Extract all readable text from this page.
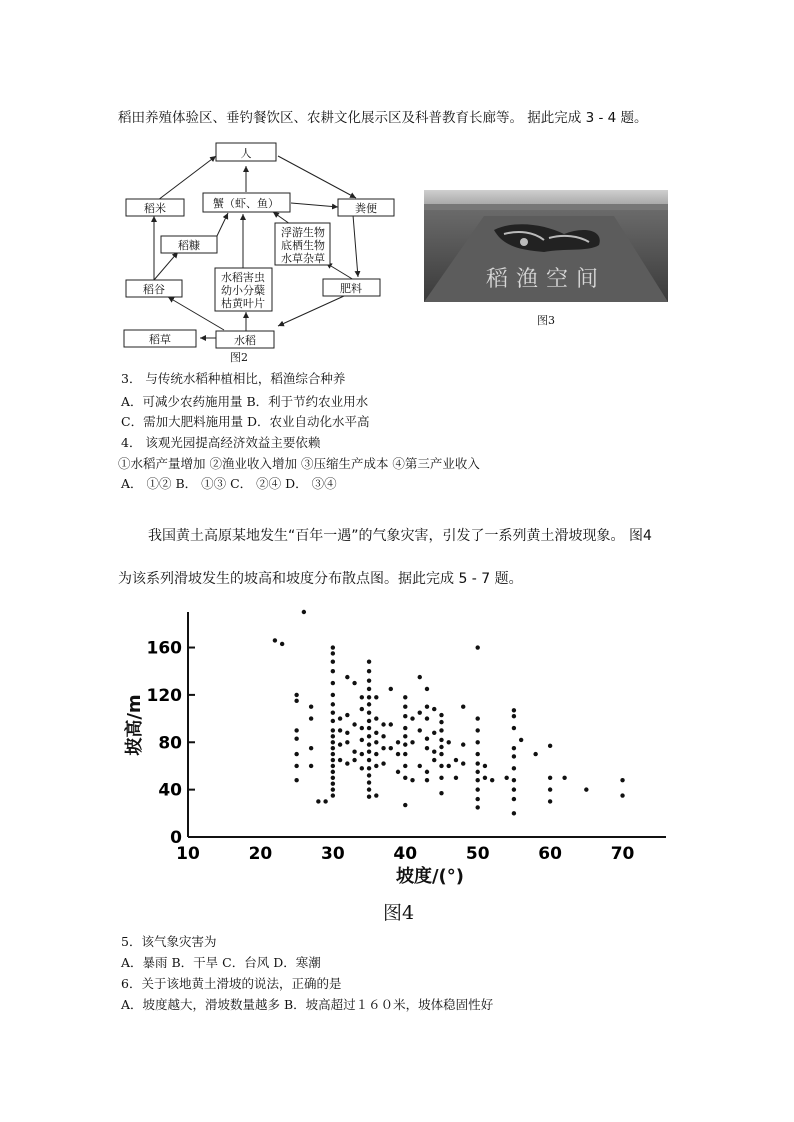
稻田养殖体验区、垂钓餐饮区、农耕文化展示区及科普教育长廊等。 据此完成 3 - 4 题。
人
稻米	蟹（虾、鱼）	粪便
稻糠
浮游生物
底栖生物
水草杂草
稻谷
水稻害虫
幼小分蘖
枯黄叶片
肥料
稻草	水稻
图2
稻渔空间
图3
3． 与传统水稻种植相比，稻渔综合种养
A．可减少农药施用量 B．利于节约农业用水
C．需加大肥料施用量 D．农业自动化水平高
4． 该观光园提高经济效益主要依赖
①水稻产量增加 ②渔业收入增加 ③压缩生产成本 ④第三产业收入
A． ①② B． ①③ C． ②④ D． ③④
我国黄土高原某地发生“百年一遇”的气象灾害，引发了一系列黄土滑坡现象。 图4
为该系列滑坡发生的坡高和坡度分布散点图。据此完成 5 - 7 题。
0
40
80
120
160
10	20	30	40	50	60	70
坡高/m
坡度/(°)
图4
5．该气象灾害为
A．暴雨 B．干旱 C．台风 D．寒潮
6．关于该地黄土滑坡的说法，正确的是
A．坡度越大，滑坡数量越多 B．坡高超过１６０米，坡体稳固性好
